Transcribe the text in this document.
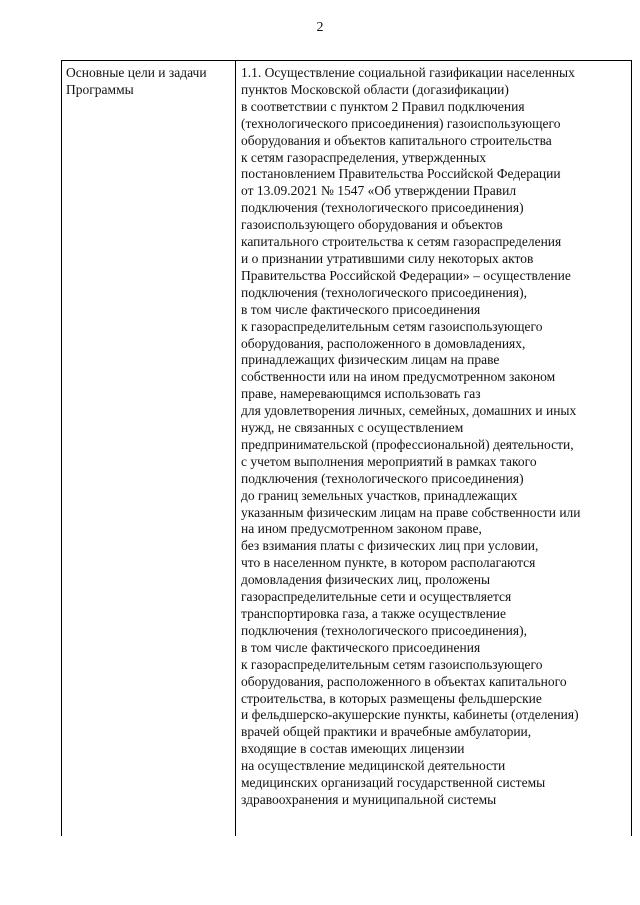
2
Основные цели и задачи
Программы
1.1. Осуществление социальной газификации населенных
пунктов Московской области (догазификации)
в соответствии с пунктом 2 Правил подключения
(технологического присоединения) газоиспользующего
оборудования и объектов капитального строительства
к сетям газораспределения, утвержденных
постановлением Правительства Российской Федерации
от 13.09.2021 № 1547 «Об утверждении Правил
подключения (технологического присоединения)
газоиспользующего оборудования и объектов
капитального строительства к сетям газораспределения
и о признании утратившими силу некоторых актов
Правительства Российской Федерации» – осуществление
подключения (технологического присоединения),
в том числе фактического присоединения
к газораспределительным сетям газоиспользующего
оборудования, расположенного в домовладениях,
принадлежащих физическим лицам на праве
собственности или на ином предусмотренном законом
праве, намеревающимся использовать газ
для удовлетворения личных, семейных, домашних и иных
нужд, не связанных с осуществлением
предпринимательской (профессиональной) деятельности,
с учетом выполнения мероприятий в рамках такого
подключения (технологического присоединения)
до границ земельных участков, принадлежащих
указанным физическим лицам на праве собственности или
на ином предусмотренном законом праве,
без взимания платы с физических лиц при условии,
что в населенном пункте, в котором располагаются
домовладения физических лиц, проложены
газораспределительные сети и осуществляется
транспортировка газа, а также осуществление
подключения (технологического присоединения),
в том числе фактического присоединения
к газораспределительным сетям газоиспользующего
оборудования, расположенного в объектах капитального
строительства, в которых размещены фельдшерские
и фельдшерско-акушерские пункты, кабинеты (отделения)
врачей общей практики и врачебные амбулатории,
входящие в состав имеющих лицензии
на осуществление медицинской деятельности
медицинских организаций государственной системы
здравоохранения и муниципальной системы
